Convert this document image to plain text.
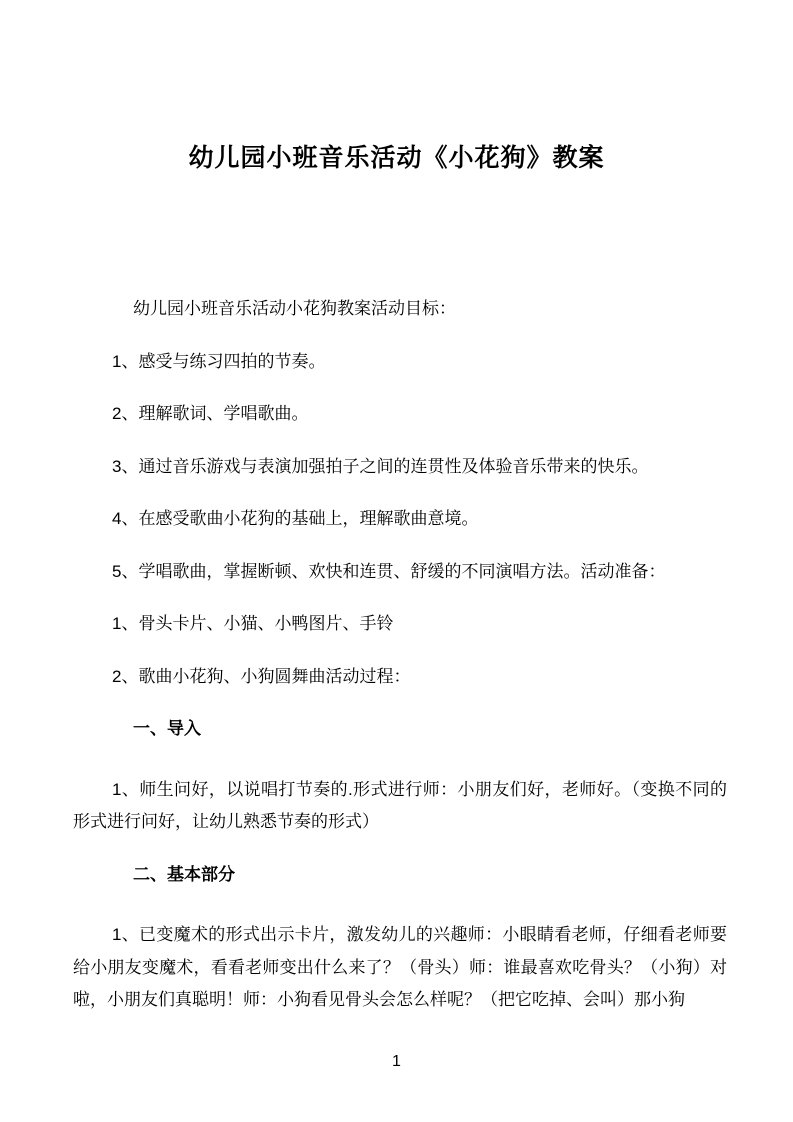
幼儿园小班音乐活动《小花狗》教案

幼儿园小班音乐活动小花狗教案活动目标：

1、感受与练习四拍的节奏。

2、理解歌词、学唱歌曲。

3、通过音乐游戏与表演加强拍子之间的连贯性及体验音乐带来的快乐。

4、在感受歌曲小花狗的基础上，理解歌曲意境。

5、学唱歌曲，掌握断顿、欢快和连贯、舒缓的不同演唱方法。活动准备：

1、骨头卡片、小猫、小鸭图片、手铃

2、歌曲小花狗、小狗圆舞曲活动过程：

一、导入

1、师生问好，以说唱打节奏的.形式进行师：小朋友们好，老师好。（变换不同的形式进行问好，让幼儿熟悉节奏的形式）

二、基本部分

1、已变魔术的形式出示卡片，激发幼儿的兴趣师：小眼睛看老师，仔细看老师要给小朋友变魔术，看看老师变出什么来了？（骨头）师：谁最喜欢吃骨头？（小狗）对啦，小朋友们真聪明！师：小狗看见骨头会怎么样呢？（把它吃掉、会叫）那小狗

1
